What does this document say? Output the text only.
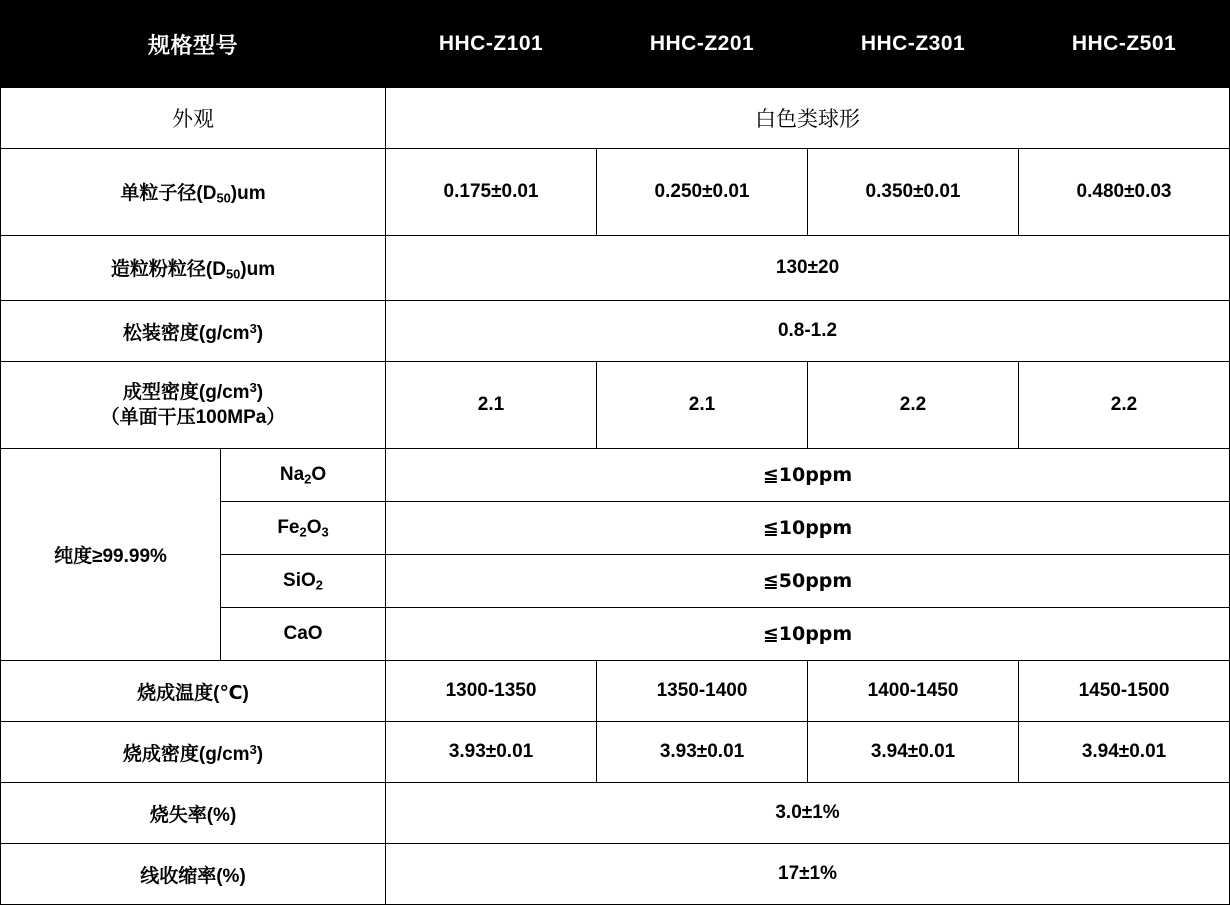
规格型号		HHC-Z101	HHC-Z201	HHC-Z301	HHC-Z501
外观		白色类球形			
单粒子径$(D_{50})um$		0.175±0.01	0.250±0.01	0.350±0.01	0.480±0.03
造粒粉粒径$(D_{50})um$		130±20			
松装密度$(g/cm^3)$		0.8-1.2			

成型密度$(g/cm^3)$
（单面干压100MPa）		2.1	2.1	2.2	2.2
纯度≥99.99%	$Na_2O$	≦10ppm			
	$Fe_2O_3$	≦10ppm			
	SiO$_2$	≦50ppm			
	CaO	≦10ppm			
烧成温度(℃)		1300-1350	1350-1400	1400-1450	1450-1500
烧成密度$(g/cm^3)$		3.93±0.01	3.93±0.01	3.94±0.01	3.94±0.01
烧失率(%)		3.0±1%			
线收缩率(%)		17±1%			
